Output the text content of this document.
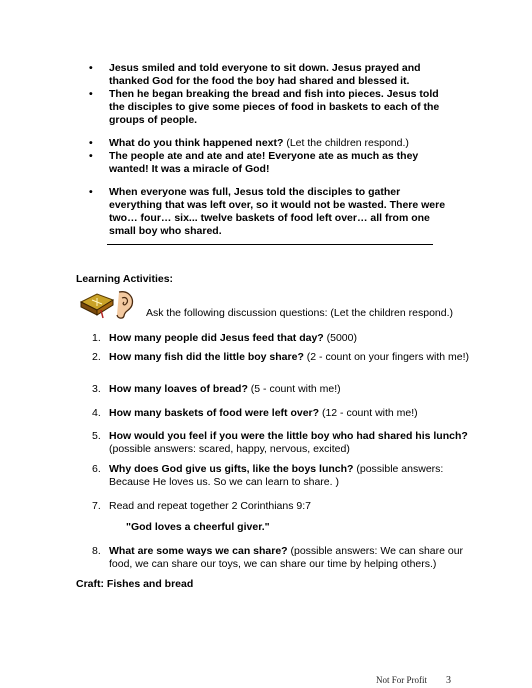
• Jesus smiled and told everyone to sit down. Jesus prayed and thanked God for the food the boy had shared and blessed it.
• Then he began breaking the bread and fish into pieces. Jesus told the disciples to give some pieces of food in baskets to each of the groups of people.
• What do you think happened next? (Let the children respond.)
• The people ate and ate and ate! Everyone ate as much as they wanted! It was a miracle of God!
• When everyone was full, Jesus told the disciples to gather everything that was left over, so it would not be wasted. There were two… four… six... twelve baskets of food left over… all from one small boy who shared.
Learning Activities:
Ask the following discussion questions: (Let the children respond.)
1. How many people did Jesus feed that day? (5000)
2. How many fish did the little boy share? (2 - count on your fingers with me!)
3. How many loaves of bread? (5 - count with me!)
4. How many baskets of food were left over? (12 - count with me!)
5. How would you feel if you were the little boy who had shared his lunch? (possible answers: scared, happy, nervous, excited)
6. Why does God give us gifts, like the boys lunch? (possible answers: Because He loves us. So we can learn to share. )
7. Read and repeat together 2 Corinthians 9:7
"God loves a cheerful giver."
8. What are some ways we can share? (possible answers: We can share our food, we can share our toys, we can share our time by helping others.)
Craft: Fishes and bread
Not For Profit 3
